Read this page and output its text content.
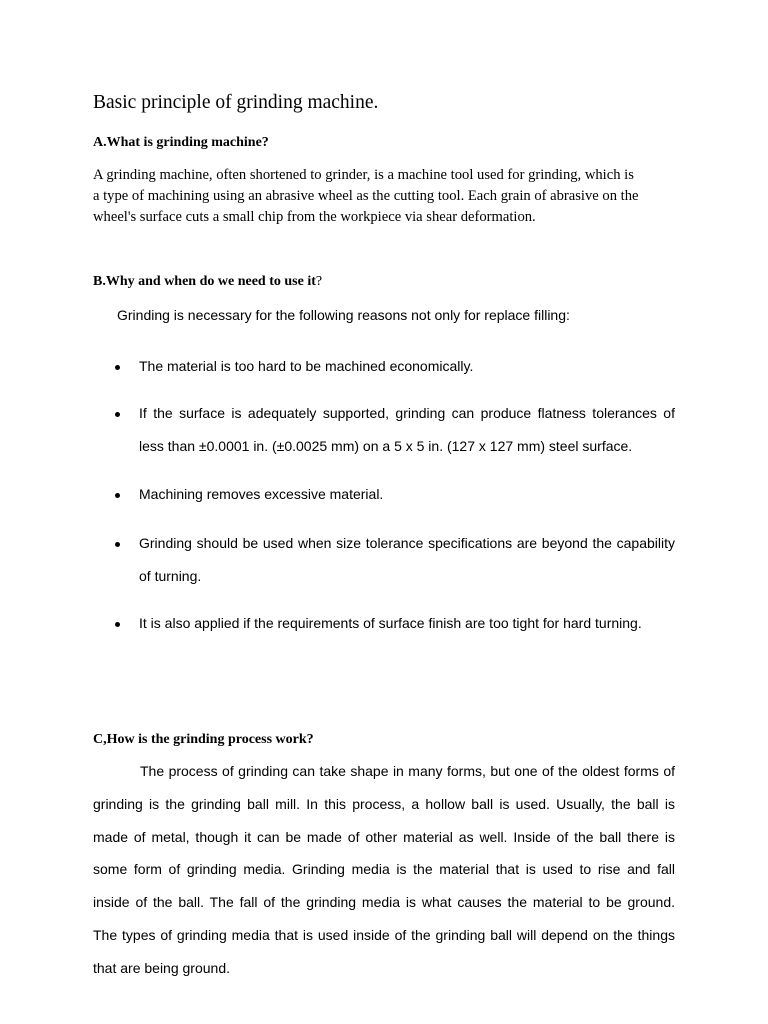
Basic principle of grinding machine.
A.What is grinding machine?

A grinding machine, often shortened to grinder, is a machine tool used for grinding, which is
a type of machining using an abrasive wheel as the cutting tool. Each grain of abrasive on the
wheel's surface cuts a small chip from the workpiece via shear deformation.

B.Why and when do we need to use it?

Grinding is necessary for the following reasons not only for replace filling:

The material is too hard to be machined economically.
If the surface is adequately supported, grinding can produce flatness tolerances of
less than ±0.0001 in. (±0.0025 mm) on a 5 x 5 in. (127 x 127 mm) steel surface.
Machining removes excessive material.
Grinding should be used when size tolerance specifications are beyond the capability
of turning.
It is also applied if the requirements of surface finish are too tight for hard turning.
C,How is the grinding process work?

The process of grinding can take shape in many forms, but one of the oldest forms of
grinding is the grinding ball mill. In this process, a hollow ball is used. Usually, the ball is
made of metal, though it can be made of other material as well. Inside of the ball there is
some form of grinding media. Grinding media is the material that is used to rise and fall
inside of the ball. The fall of the grinding media is what causes the material to be ground.
The types of grinding media that is used inside of the grinding ball will depend on the things
that are being ground.
